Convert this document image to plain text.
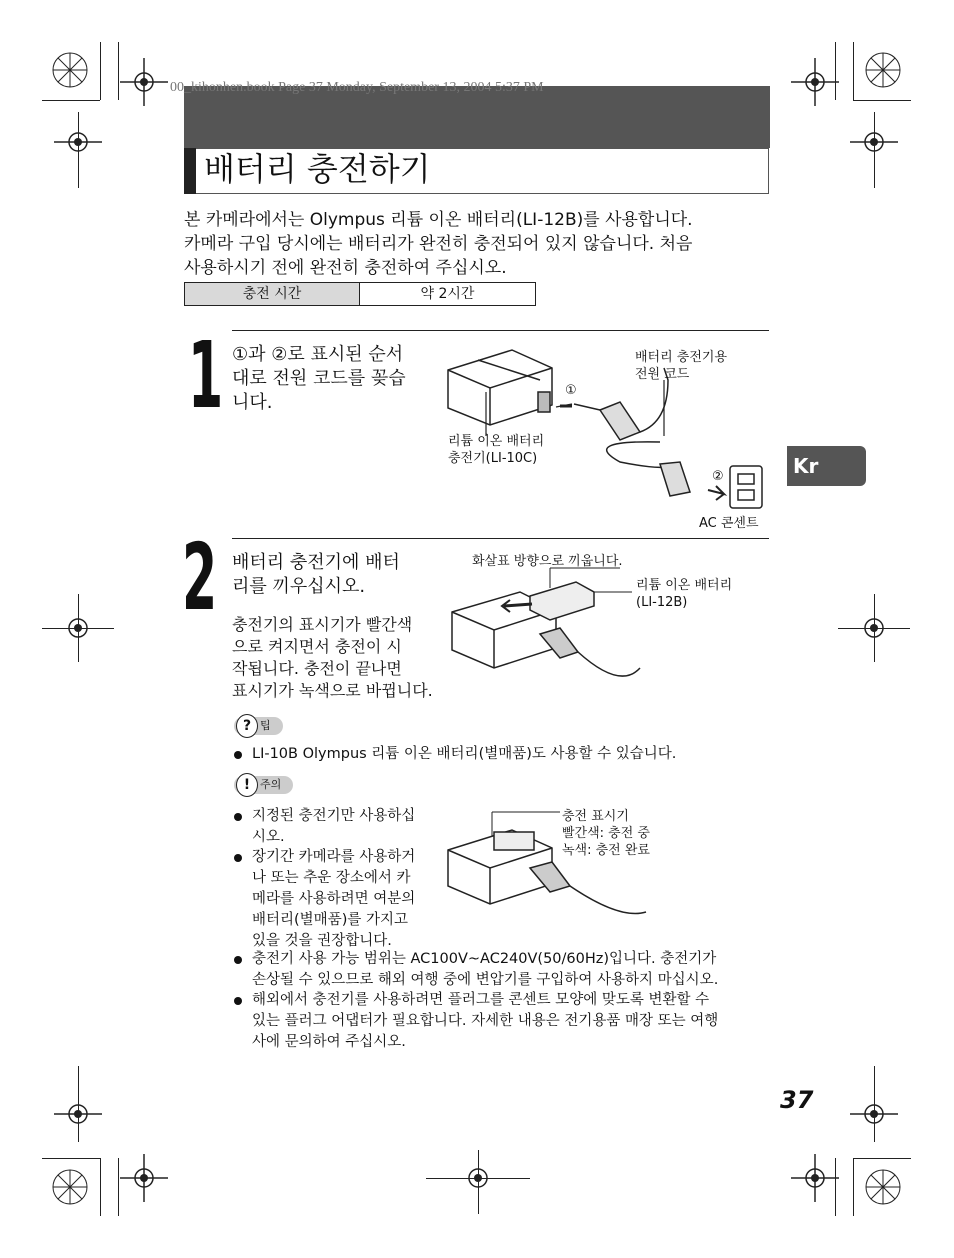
00_kihonhen.book Page 37 Monday, September 13, 2004 5:37 PM
배터리 충전하기
본 카메라에서는 Olympus 리튬 이온 배터리(LI-12B)를 사용합니다.
카메라 구입 당시에는 배터리가 완전히 충전되어 있지 않습니다. 처음
사용하시기 전에 완전히 충전하여 주십시오.
충전 시간	약 2시간
Kr
1 ①과 ②로 표시된 순서
대로 전원 코드를 꽂습
니다.
배터리 충전기용
전원 코드
①
②
리튬 이온 배터리
충전기(LI-10C)
AC 콘센트
2 배터리 충전기에 배터
리를 끼우십시오.
충전기의 표시기가 빨간색
으로 켜지면서 충전이 시
작됩니다. 충전이 끝나면
표시기가 녹색으로 바뀝니다.
화살표 방향으로 끼웁니다.
리튬 이온 배터리
(LI-12B)
? 팁
LI-10B Olympus 리튬 이온 배터리(별매품)도 사용할 수 있습니다.
! 주의
지정된 충전기만 사용하십
시오.
장기간 카메라를 사용하거
나 또는 추운 장소에서 카
메라를 사용하려면 여분의
배터리(별매품)를 가지고
있을 것을 권장합니다.
충전 표시기
빨간색: 충전 중
녹색: 충전 완료
충전기 사용 가능 범위는 AC100V~AC240V(50/60Hz)입니다. 충전기가
손상될 수 있으므로 해외 여행 중에 변압기를 구입하여 사용하지 마십시오.
해외에서 충전기를 사용하려면 플러그를 콘센트 모양에 맞도록 변환할 수
있는 플러그 어댑터가 필요합니다. 자세한 내용은 전기용품 매장 또는 여행
사에 문의하여 주십시오.
37
